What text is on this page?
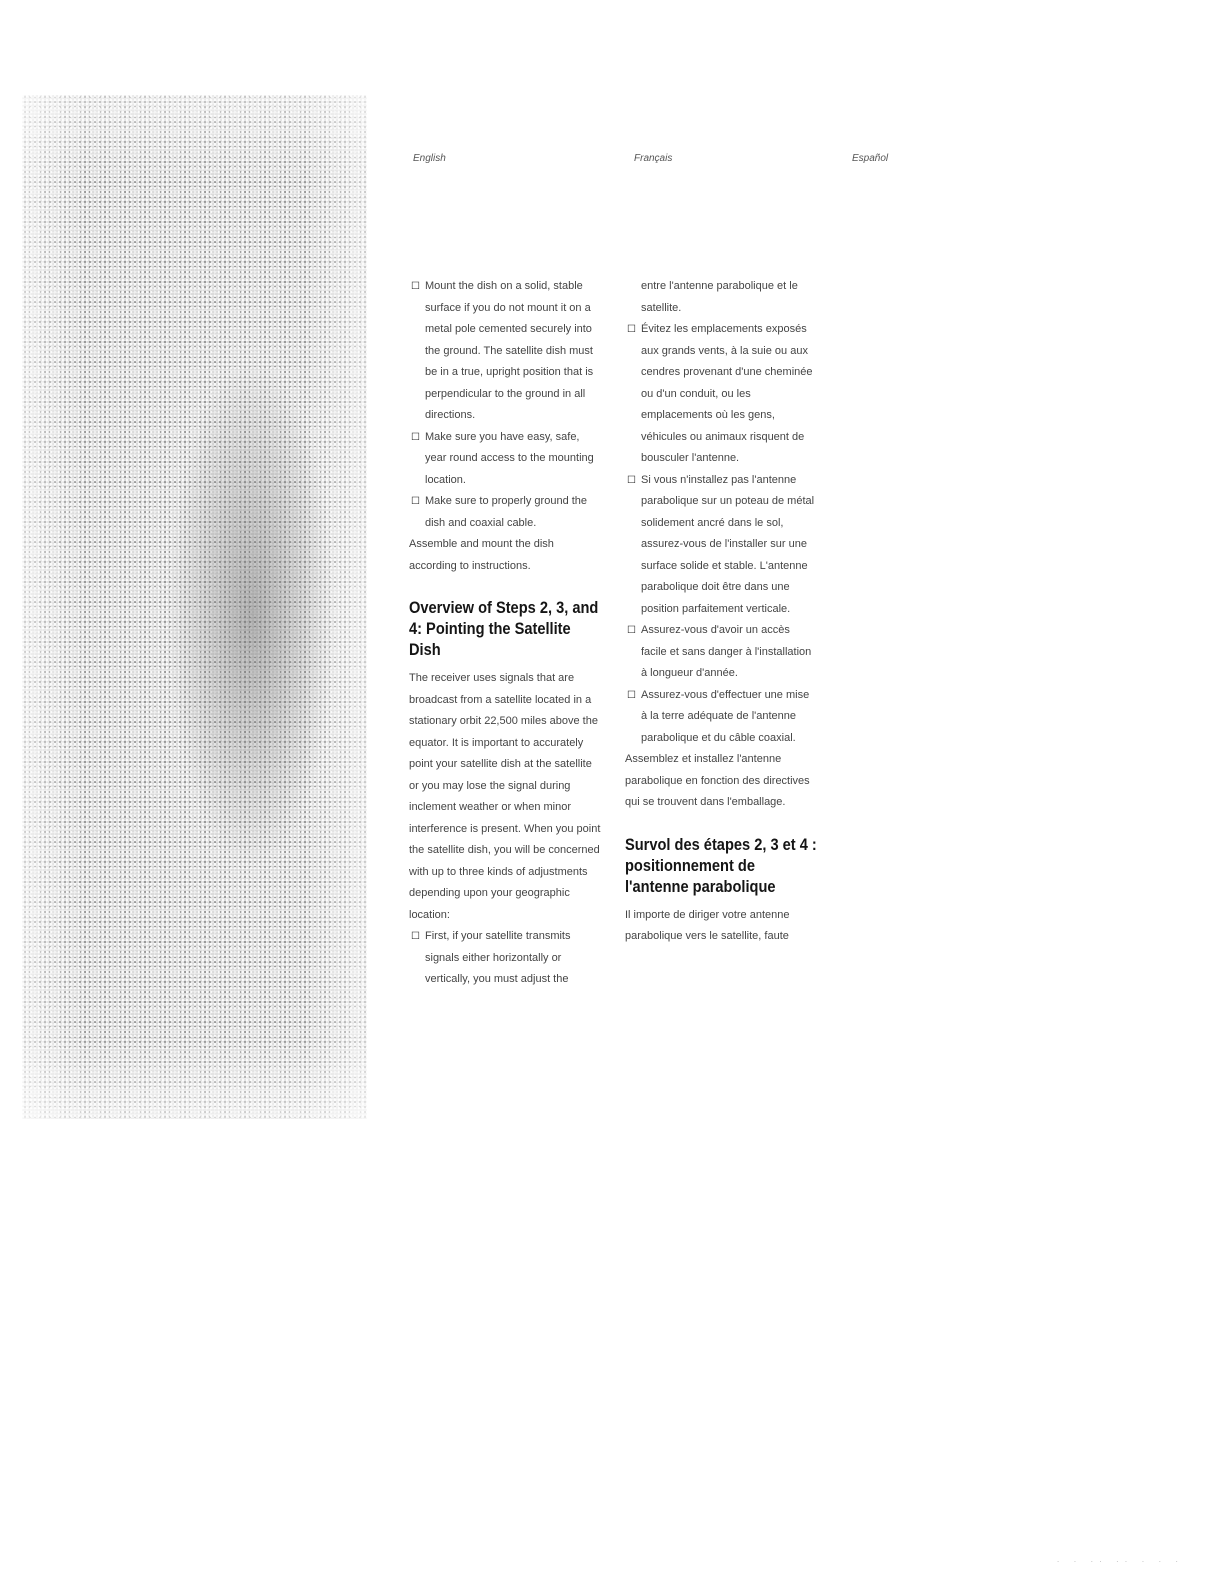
English	Français	Español

☐ Mount the dish on a solid, stable surface if you do not mount it on a metal pole cemented securely into the ground. The satellite dish must be in a true, upright position that is perpendicular to the ground in all directions.

☐ Make sure you have easy, safe, year round access to the mounting location.

☐ Make sure to properly ground the dish and coaxial cable.

Assemble and mount the dish according to instructions.

Overview of Steps 2, 3, and 4: Pointing the Satellite Dish

The receiver uses signals that are broadcast from a satellite located in a stationary orbit 22,500 miles above the equator. It is important to accurately point your satellite dish at the satellite or you may lose the signal during inclement weather or when minor interference is present. When you point the satellite dish, you will be concerned with up to three kinds of adjustments depending upon your geographic location:

☐ First, if your satellite transmits signals either horizontally or vertically, you must adjust the

entre l'antenne parabolique et le satellite.

☐ Évitez les emplacements exposés aux grands vents, à la suie ou aux cendres provenant d'une cheminée ou d'un conduit, ou les emplacements où les gens, véhicules ou animaux risquent de bousculer l'antenne.

☐ Si vous n'installez pas l'antenne parabolique sur un poteau de métal solidement ancré dans le sol, assurez-vous de l'installer sur une surface solide et stable. L'antenne parabolique doit être dans une position parfaitement verticale.

☐ Assurez-vous d'avoir un accès facile et sans danger à l'installation à longueur d'année.

☐ Assurez-vous d'effectuer une mise à la terre adéquate de l'antenne parabolique et du câble coaxial.

Assemblez et installez l'antenne parabolique en fonction des directives qui se trouvent dans l'emballage.

Survol des étapes 2, 3 et 4 : positionnement de l'antenne parabolique

Il importe de diriger votre antenne parabolique vers le satellite, faute

· · ·· ·· · · ·
